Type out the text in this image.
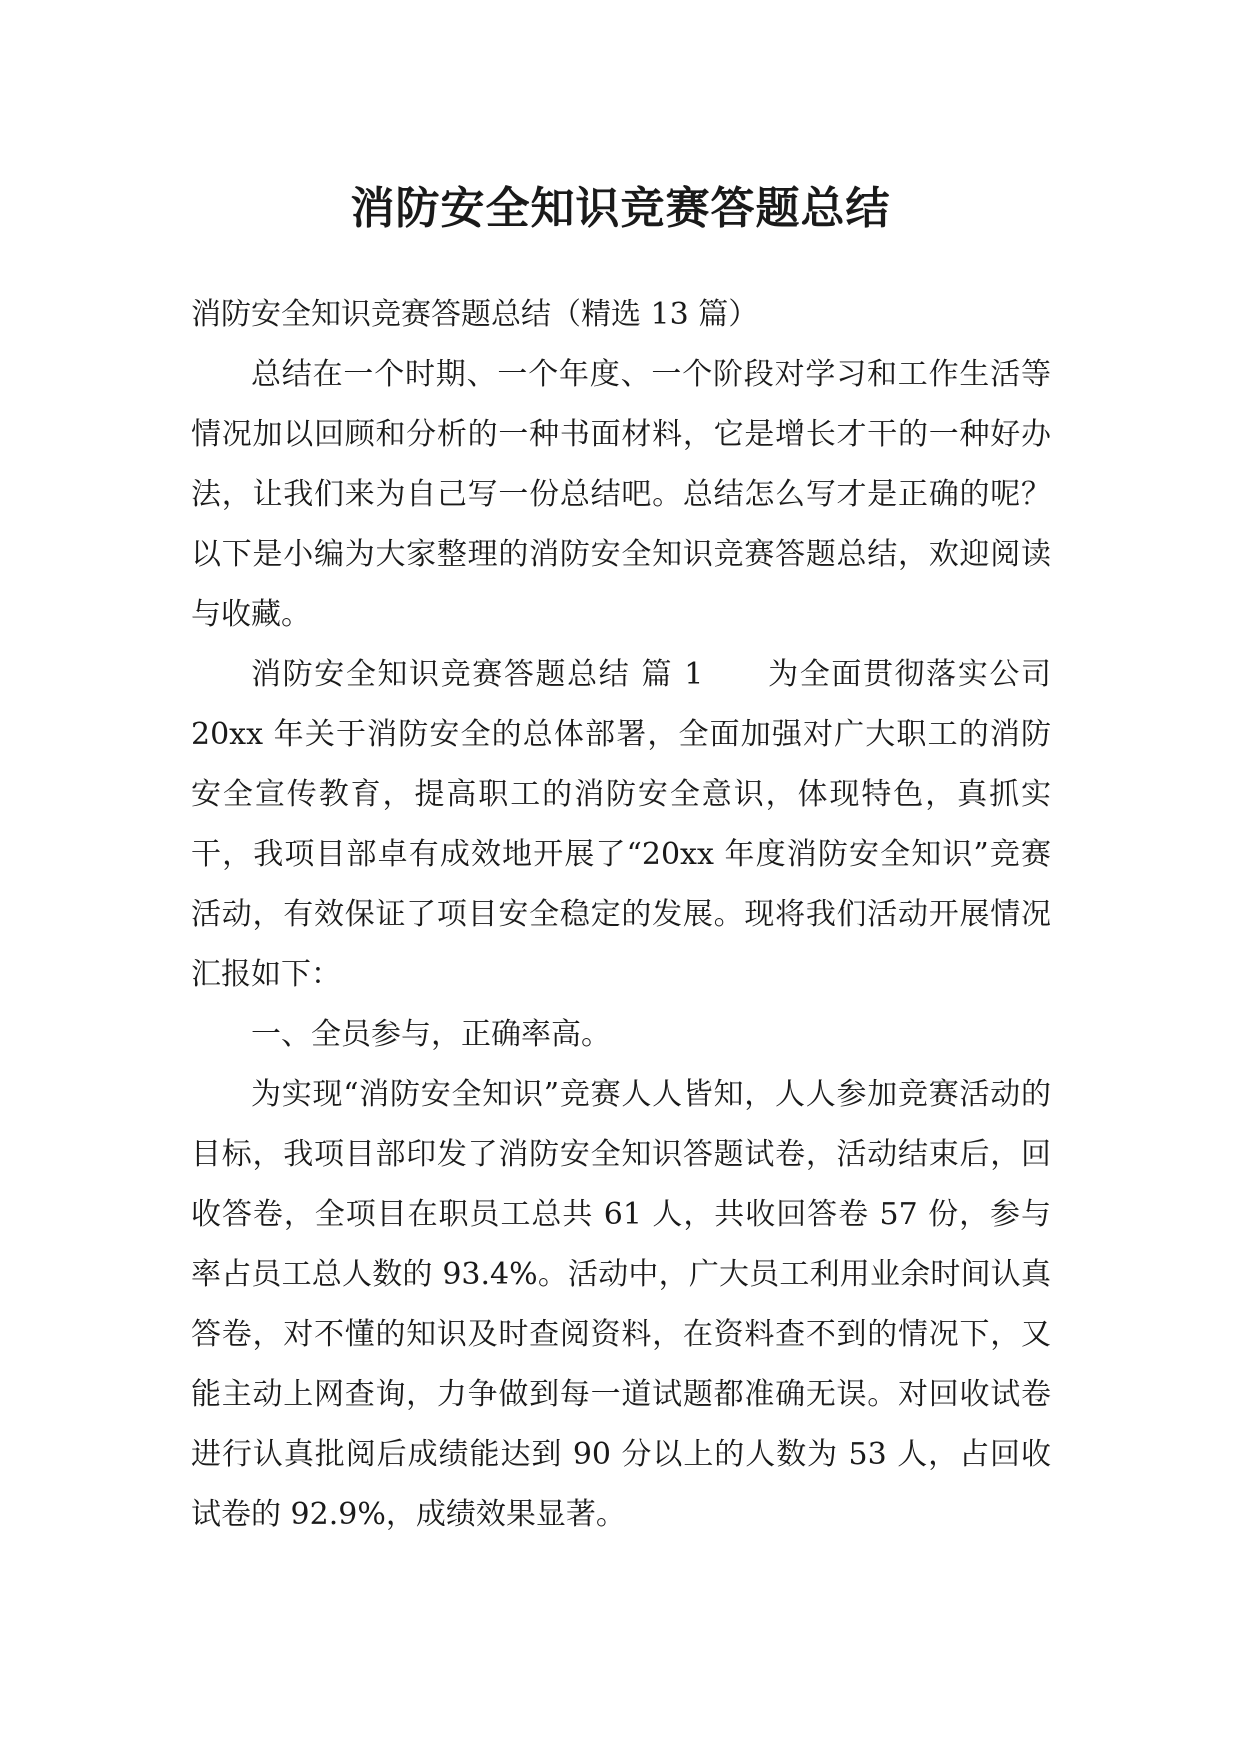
消防安全知识竞赛答题总结

消防安全知识竞赛答题总结（精选 13 篇）

总结在一个时期、一个年度、一个阶段对学习和工作生活等情况加以回顾和分析的一种书面材料，它是增长才干的一种好办法，让我们来为自己写一份总结吧。总结怎么写才是正确的呢？以下是小编为大家整理的消防安全知识竞赛答题总结，欢迎阅读与收藏。

消防安全知识竞赛答题总结 篇 1　　为全面贯彻落实公司 20xx 年关于消防安全的总体部署，全面加强对广大职工的消防安全宣传教育，提高职工的消防安全意识，体现特色，真抓实干，我项目部卓有成效地开展了“20xx 年度消防安全知识”竞赛活动，有效保证了项目安全稳定的发展。现将我们活动开展情况汇报如下：

一、全员参与，正确率高。

为实现“消防安全知识”竞赛人人皆知，人人参加竞赛活动的目标，我项目部印发了消防安全知识答题试卷，活动结束后，回收答卷，全项目在职员工总共 61 人，共收回答卷 57 份，参与率占员工总人数的 93.4%。活动中，广大员工利用业余时间认真答卷，对不懂的知识及时查阅资料，在资料查不到的情况下，又能主动上网查询，力争做到每一道试题都准确无误。对回收试卷进行认真批阅后成绩能达到 90 分以上的人数为 53 人，占回收试卷的 92.9%，成绩效果显著。
